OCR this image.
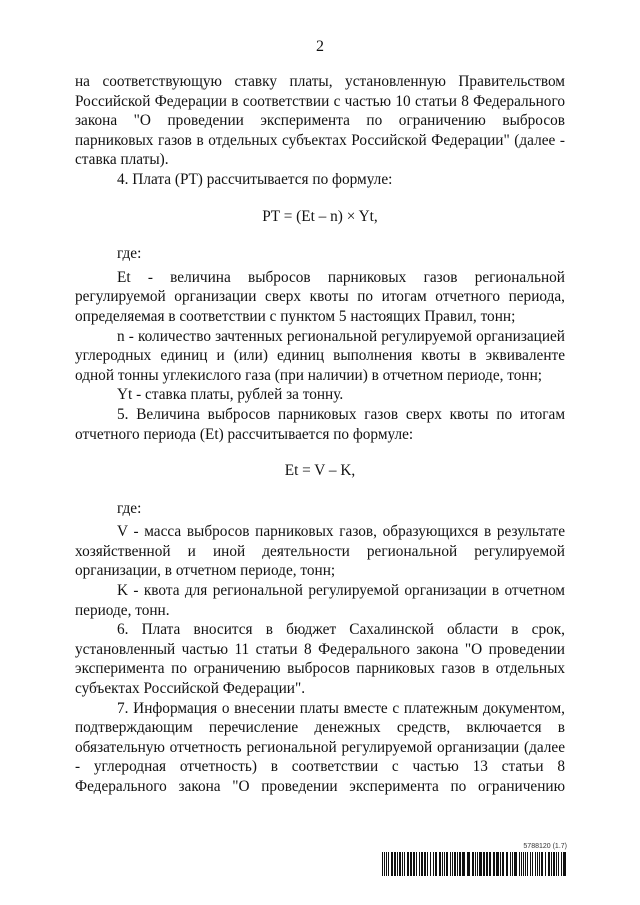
2

на соответствующую ставку платы, установленную Правительством Российской Федерации в соответствии с частью 10 статьи 8 Федерального закона "О проведении эксперимента по ограничению выбросов парниковых газов в отдельных субъектах Российской Федерации" (далее - ставка платы).

4. Плата (PT) рассчитывается по формуле:

PT = (Et – n) × Yt,

где:

Et - величина выбросов парниковых газов региональной регулируемой организации сверх квоты по итогам отчетного периода, определяемая в соответствии с пунктом 5 настоящих Правил, тонн;

n - количество зачтенных региональной регулируемой организацией углеродных единиц и (или) единиц выполнения квоты в эквиваленте одной тонны углекислого газа (при наличии) в отчетном периоде, тонн;

Yt - ставка платы, рублей за тонну.

5. Величина выбросов парниковых газов сверх квоты по итогам отчетного периода (Et) рассчитывается по формуле:

Et = V – K,

где:

V - масса выбросов парниковых газов, образующихся в результате хозяйственной и иной деятельности региональной регулируемой организации, в отчетном периоде, тонн;

K - квота для региональной регулируемой организации в отчетном периоде, тонн.

6. Плата вносится в бюджет Сахалинской области в срок, установленный частью 11 статьи 8 Федерального закона "О проведении эксперимента по ограничению выбросов парниковых газов в отдельных субъектах Российской Федерации".

7. Информация о внесении платы вместе с платежным документом, подтверждающим перечисление денежных средств, включается в обязательную отчетность региональной регулируемой организации (далее - углеродная отчетность) в соответствии с частью 13 статьи 8 Федерального закона "О проведении эксперимента по ограничению

5788120 (1.7)
